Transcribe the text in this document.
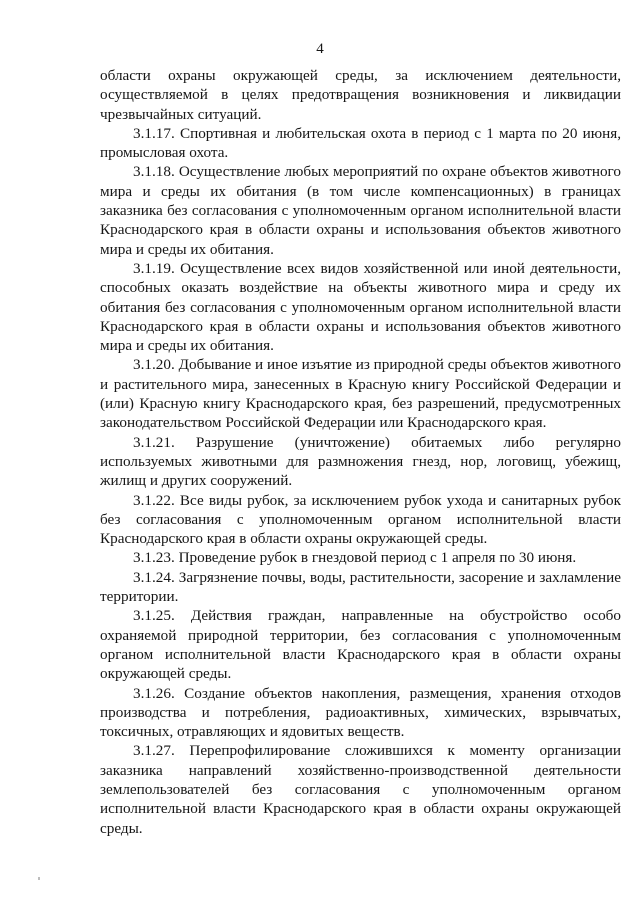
4

области охраны окружающей среды, за исключением деятельности, осуществляемой в целях предотвращения возникновения и ликвидации чрезвычайных ситуаций.

3.1.17. Спортивная и любительская охота в период с 1 марта по 20 июня, промысловая охота.

3.1.18. Осуществление любых мероприятий по охране объектов животного мира и среды их обитания (в том числе компенсационных) в границах заказника без согласования с уполномоченным органом исполнительной власти Краснодарского края в области охраны и использования объектов животного мира и среды их обитания.

3.1.19. Осуществление всех видов хозяйственной или иной деятельности, способных оказать воздействие на объекты животного мира и среду их обитания без согласования с уполномоченным органом исполнительной власти Краснодарского края в области охраны и использования объектов животного мира и среды их обитания.

3.1.20. Добывание и иное изъятие из природной среды объектов животного и растительного мира, занесенных в Красную книгу Российской Федерации и (или) Красную книгу Краснодарского края, без разрешений, предусмотренных законодательством Российской Федерации или Краснодарского края.

3.1.21. Разрушение (уничтожение) обитаемых либо регулярно используемых животными для размножения гнезд, нор, логовищ, убежищ, жилищ и других сооружений.

3.1.22. Все виды рубок, за исключением рубок ухода и санитарных рубок без согласования с уполномоченным органом исполнительной власти Краснодарского края в области охраны окружающей среды.

3.1.23. Проведение рубок в гнездовой период с 1 апреля по 30 июня.

3.1.24. Загрязнение почвы, воды, растительности, засорение и захламление территории.

3.1.25. Действия граждан, направленные на обустройство особо охраняемой природной территории, без согласования с уполномоченным органом исполнительной власти Краснодарского края в области охраны окружающей среды.

3.1.26. Создание объектов накопления, размещения, хранения отходов производства и потребления, радиоактивных, химических, взрывчатых, токсичных, отравляющих и ядовитых веществ.

3.1.27. Перепрофилирование сложившихся к моменту организации заказника направлений хозяйственно-производственной деятельности землепользователей без согласования с уполномоченным органом исполнительной власти Краснодарского края в области охраны окружающей среды.
